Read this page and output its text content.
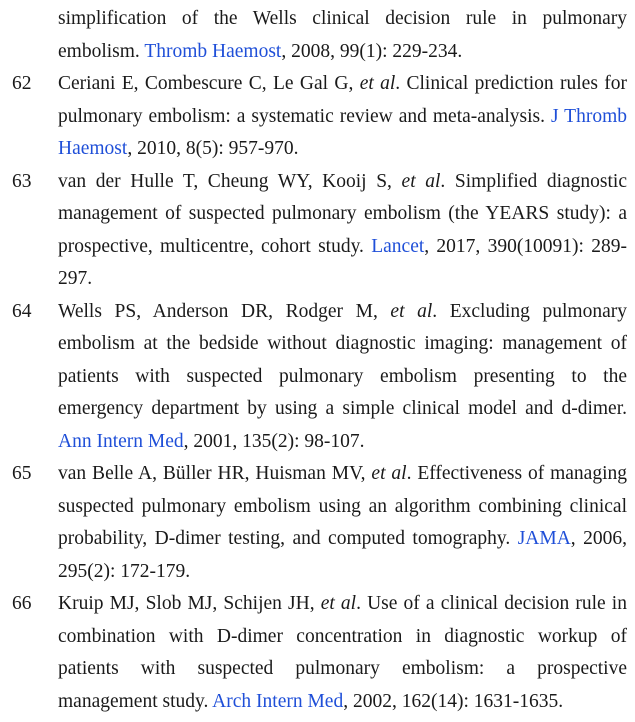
simplification of the Wells clinical decision rule in pulmonary embolism. Thromb Haemost, 2008, 99(1): 229-234.
62 Ceriani E, Combescure C, Le Gal G, et al. Clinical prediction rules for pulmonary embolism: a systematic review and meta-analysis. J Thromb Haemost, 2010, 8(5): 957-970.
63 van der Hulle T, Cheung WY, Kooij S, et al. Simplified diagnostic management of suspected pulmonary embolism (the YEARS study): a prospective, multicentre, cohort study. Lancet, 2017, 390(10091): 289-297.
64 Wells PS, Anderson DR, Rodger M, et al. Excluding pulmonary embolism at the bedside without diagnostic imaging: management of patients with suspected pulmonary embolism presenting to the emergency department by using a simple clinical model and d-dimer. Ann Intern Med, 2001, 135(2): 98-107.
65 van Belle A, Büller HR, Huisman MV, et al. Effectiveness of managing suspected pulmonary embolism using an algorithm combining clinical probability, D-dimer testing, and computed tomography. JAMA, 2006, 295(2): 172-179.
66 Kruip MJ, Slob MJ, Schijen JH, et al. Use of a clinical decision rule in combination with D-dimer concentration in diagnostic workup of patients with suspected pulmonary embolism: a prospective management study. Arch Intern Med, 2002, 162(14): 1631-1635.
